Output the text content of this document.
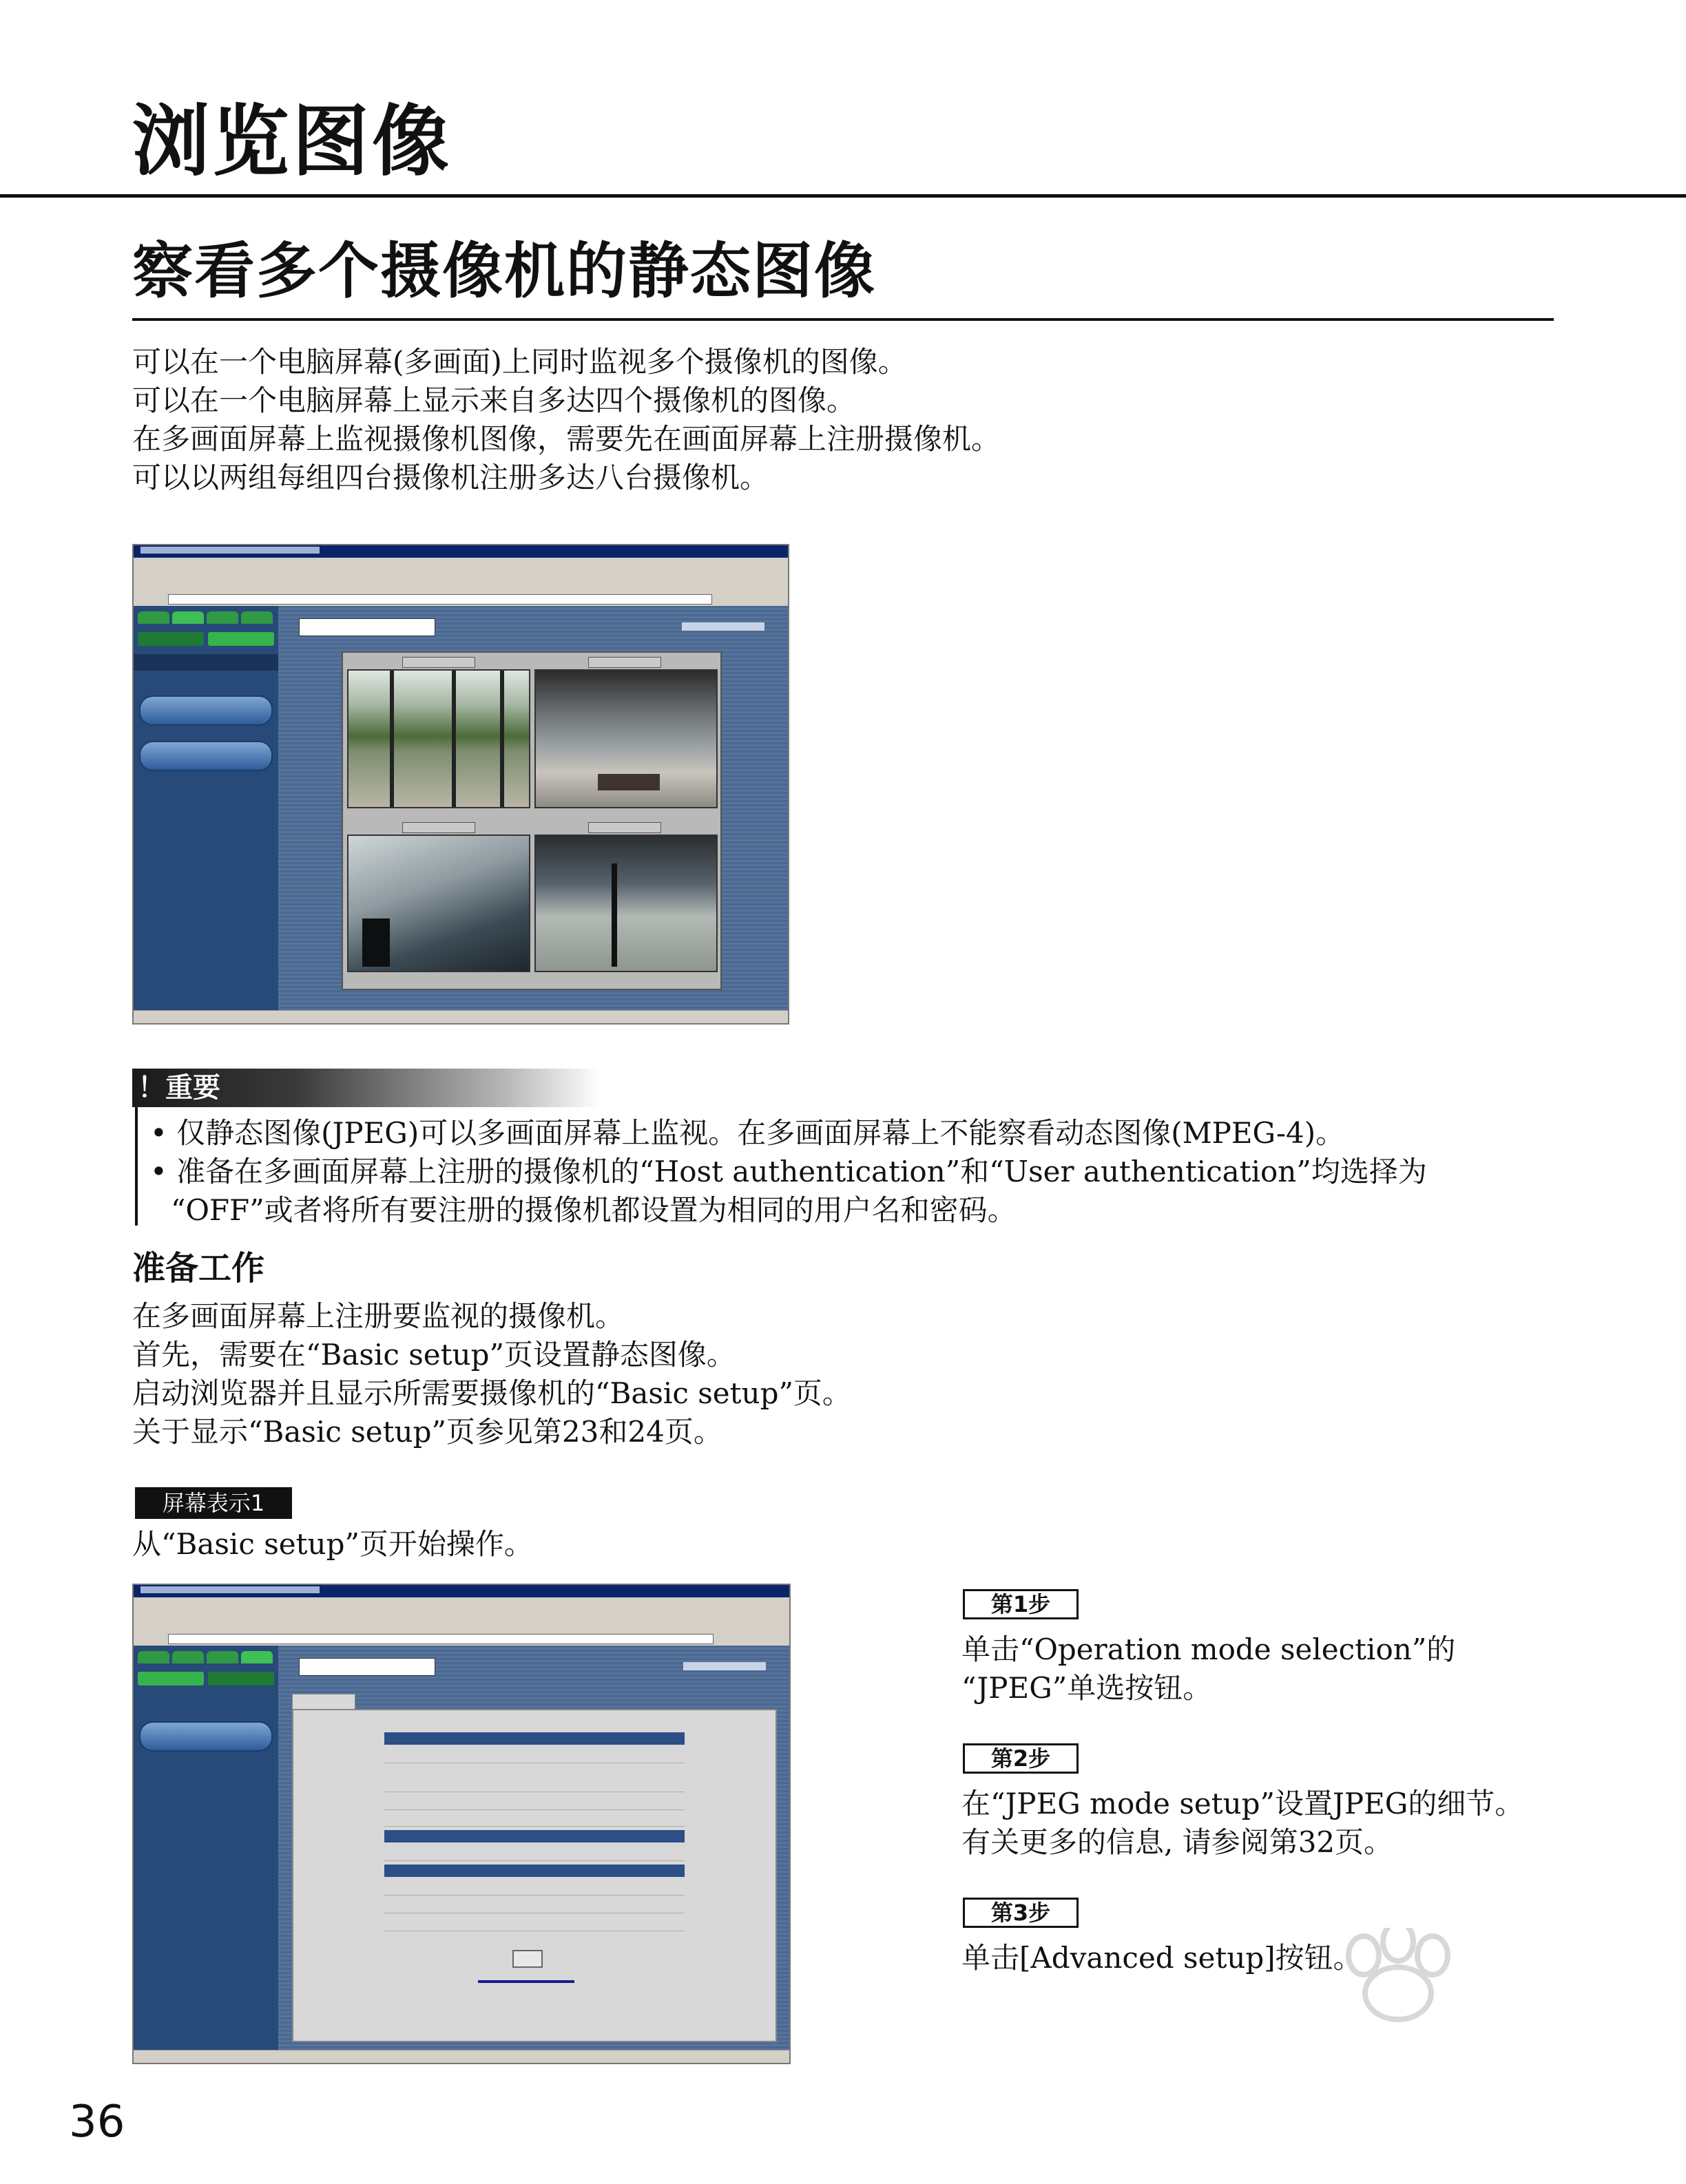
浏览图像
察看多个摄像机的静态图像
可以在一个电脑屏幕(多画面)上同时监视多个摄像机的图像。
可以在一个电脑屏幕上显示来自多达四个摄像机的图像。
在多画面屏幕上监视摄像机图像，需要先在画面屏幕上注册摄像机。
可以以两组每组四台摄像机注册多达八台摄像机。
！重要
• 仅静态图像(JPEG)可以多画面屏幕上监视。在多画面屏幕上不能察看动态图像(MPEG-4)。
• 准备在多画面屏幕上注册的摄像机的“Host authentication”和“User authentication”均选择为
“OFF”或者将所有要注册的摄像机都设置为相同的用户名和密码。
准备工作
在多画面屏幕上注册要监视的摄像机。
首先，需要在“Basic setup”页设置静态图像。
启动浏览器并且显示所需要摄像机的“Basic setup”页。
关于显示“Basic setup”页参见第23和24页。
屏幕表示1
从“Basic setup”页开始操作。
第1步
单击“Operation mode selection”的
“JPEG”单选按钮。
第2步
在“JPEG mode setup”设置JPEG的细节。
有关更多的信息, 请参阅第32页。
第3步
单击[Advanced setup]按钮。
36
